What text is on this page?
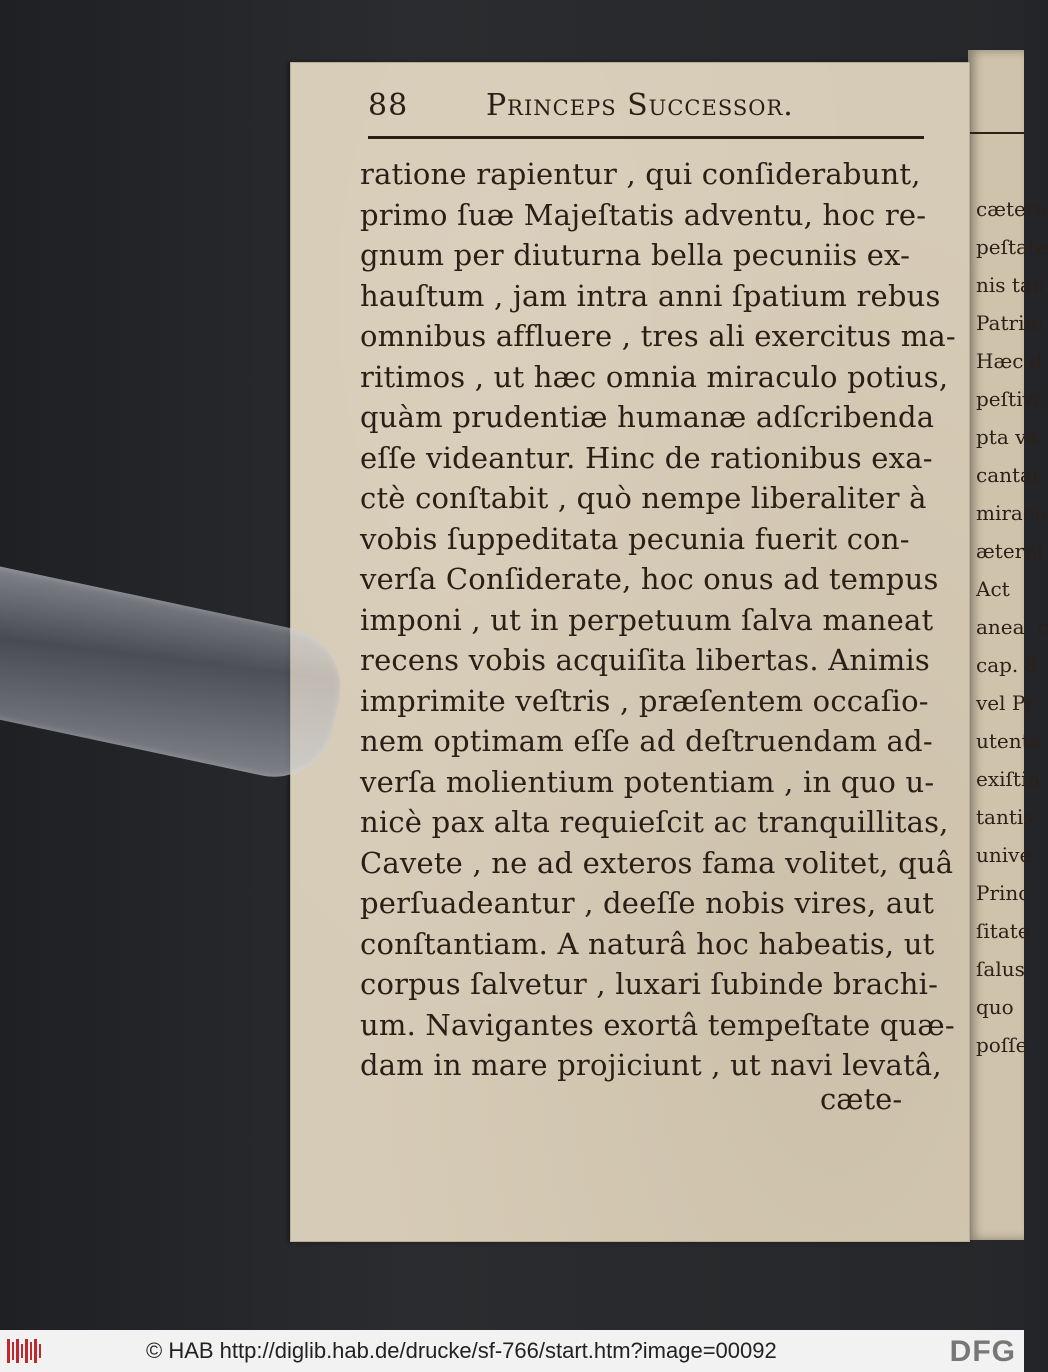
cætera
peſtate
nis tan
Patriæ
Hæc d
peſtivè
pta va
cantat
miracu
æterni
Act
anea. c
cap. 8,
vel Pr
utente
exiſtin
tantis
unive
Princ
ſitate
ſalus.
quo
poſſe
88	Princeps Successor.
ratione rapientur , qui conſiderabunt,
primo ſuæ Majeſtatis adventu, hoc re-
gnum per diuturna bella pecuniis ex-
hauſtum , jam intra anni ſpatium rebus
omnibus affluere , tres ali exercitus ma-
ritimos , ut hæc omnia miraculo potius,
quàm prudentiæ humanæ adſcribenda
eſſe videantur. Hinc de rationibus exa-
ctè conſtabit , quò nempe liberaliter à
vobis ſuppeditata pecunia fuerit con-
verſa Conſiderate, hoc onus ad tempus
imponi , ut in perpetuum ſalva maneat
recens vobis acquiſita libertas. Animis
imprimite veſtris , præſentem occaſio-
nem optimam eſſe ad deſtruendam ad-
verſa molientium potentiam , in quo u-
nicè pax alta requieſcit ac tranquillitas,
Cavete , ne ad exteros fama volitet, quâ
perſuadeantur , deeſſe nobis vires, aut
conſtantiam. A naturâ hoc habeatis, ut
corpus ſalvetur , luxari ſubinde brachi-
um. Navigantes exortâ tempeſtate quæ-
dam in mare projiciunt , ut navi levatâ,
cæte-
© HAB http://diglib.hab.de/drucke/sf-766/start.htm?image=00092	DFG
